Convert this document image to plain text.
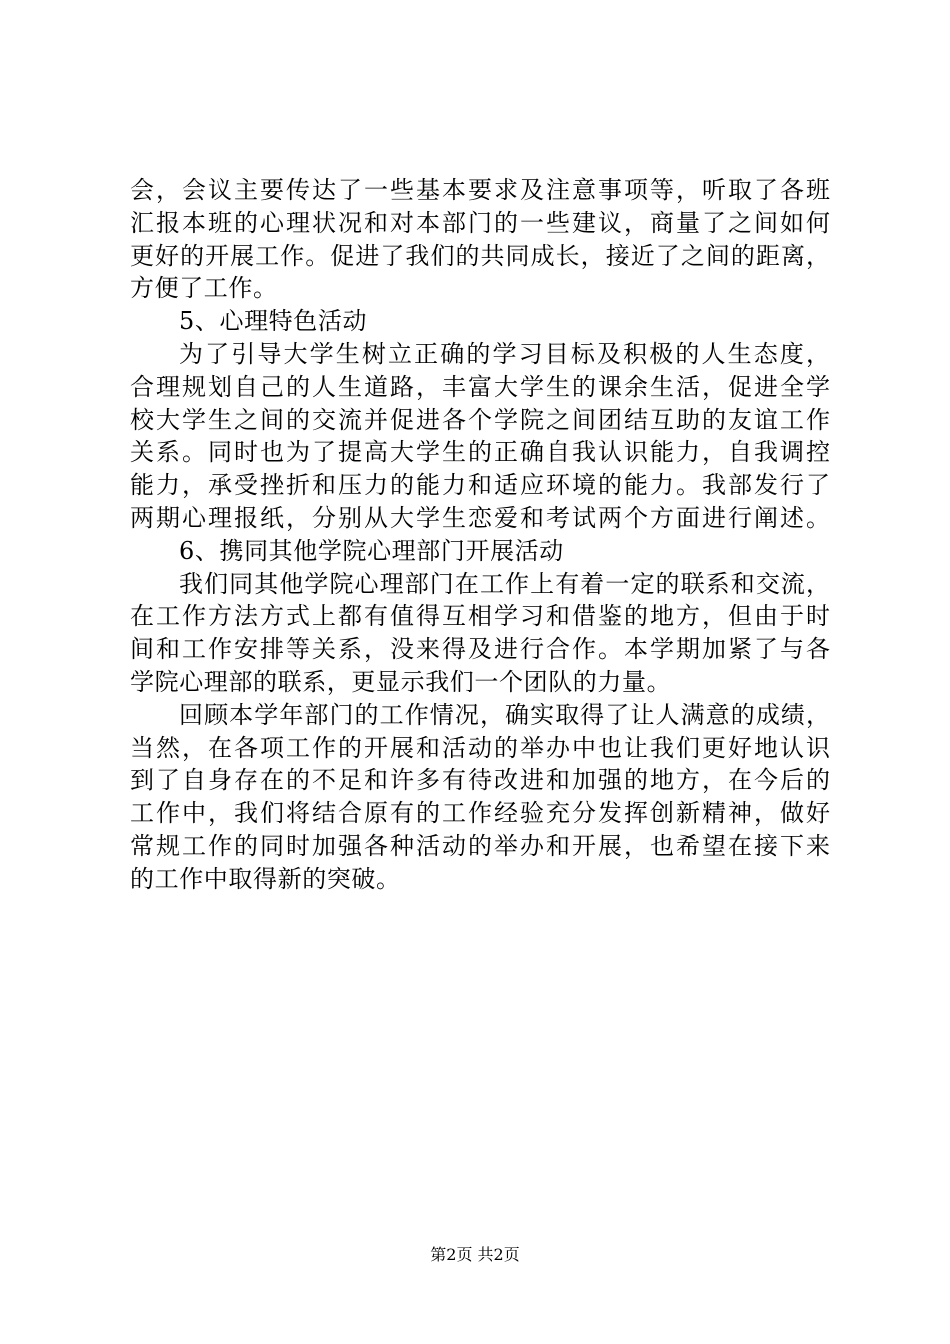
会，会议主要传达了一些基本要求及注意事项等，听取了各班
汇报本班的心理状况和对本部门的一些建议，商量了之间如何
更好的开展工作。促进了我们的共同成长，接近了之间的距离，
方便了工作。
5、心理特色活动
为了引导大学生树立正确的学习目标及积极的人生态度，
合理规划自己的人生道路，丰富大学生的课余生活，促进全学
校大学生之间的交流并促进各个学院之间团结互助的友谊工作
关系。同时也为了提高大学生的正确自我认识能力，自我调控
能力，承受挫折和压力的能力和适应环境的能力。我部发行了
两期心理报纸，分别从大学生恋爱和考试两个方面进行阐述。
6、携同其他学院心理部门开展活动
我们同其他学院心理部门在工作上有着一定的联系和交流，
在工作方法方式上都有值得互相学习和借鉴的地方，但由于时
间和工作安排等关系，没来得及进行合作。本学期加紧了与各
学院心理部的联系，更显示我们一个团队的力量。
回顾本学年部门的工作情况，确实取得了让人满意的成绩，
当然，在各项工作的开展和活动的举办中也让我们更好地认识
到了自身存在的不足和许多有待改进和加强的地方，在今后的
工作中，我们将结合原有的工作经验充分发挥创新精神，做好
常规工作的同时加强各种活动的举办和开展，也希望在接下来
的工作中取得新的突破。
第2页 共2页
